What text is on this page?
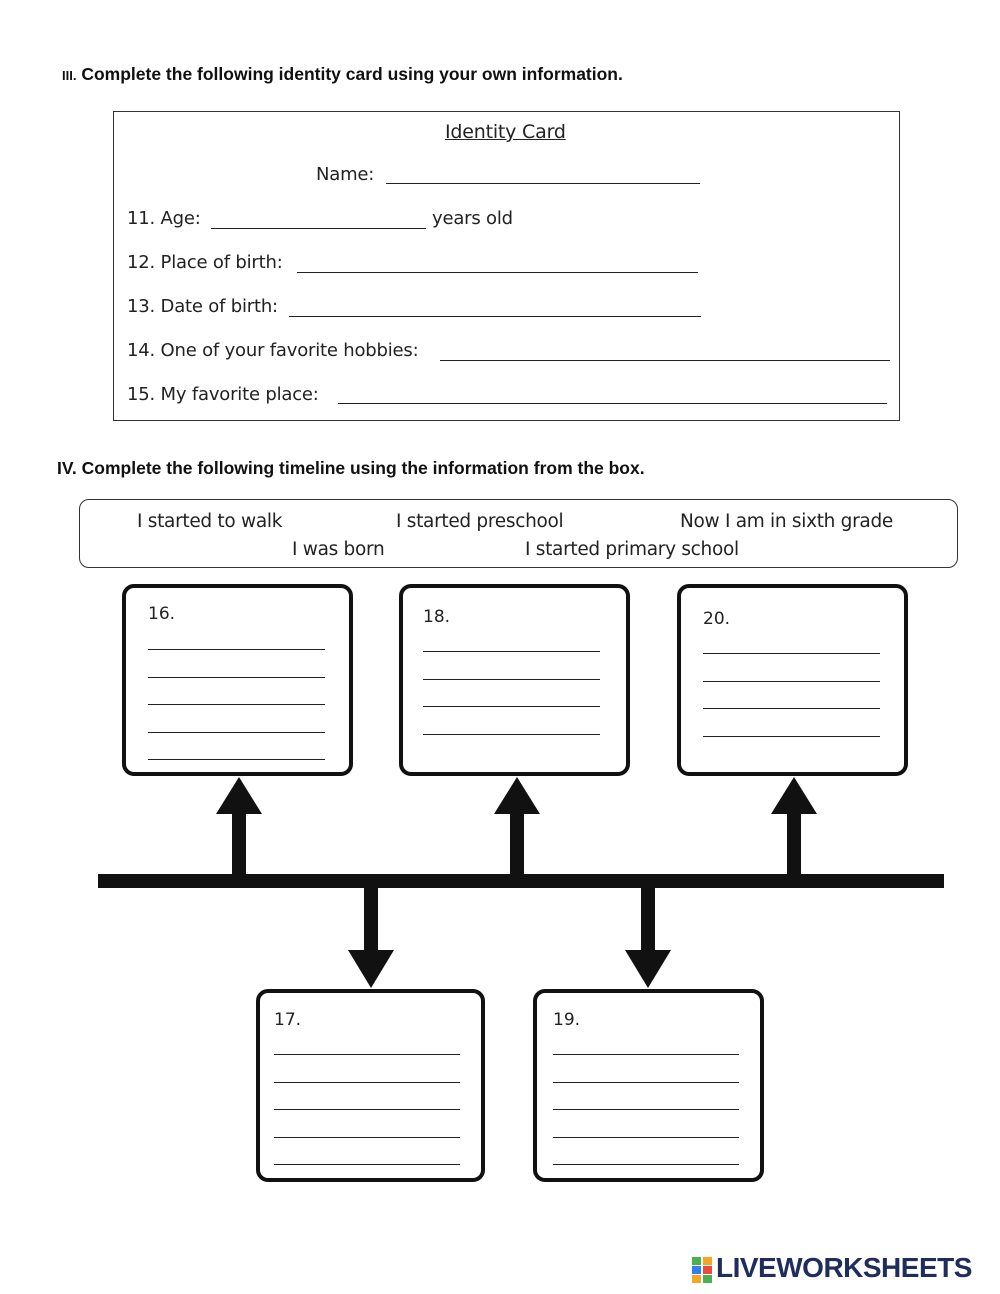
III. Complete the following identity card using your own information.
Identity Card
Name:
11. Age:	years old
12. Place of birth:
13. Date of birth:
14. One of your favorite hobbies:
15. My favorite place:
IV. Complete the following timeline using the information from the box.
I started to walk	I started preschool	Now I am in sixth grade
I was born	I started primary school
16.	18.	20.
17.	19.
LIVEWORKSHEETS
